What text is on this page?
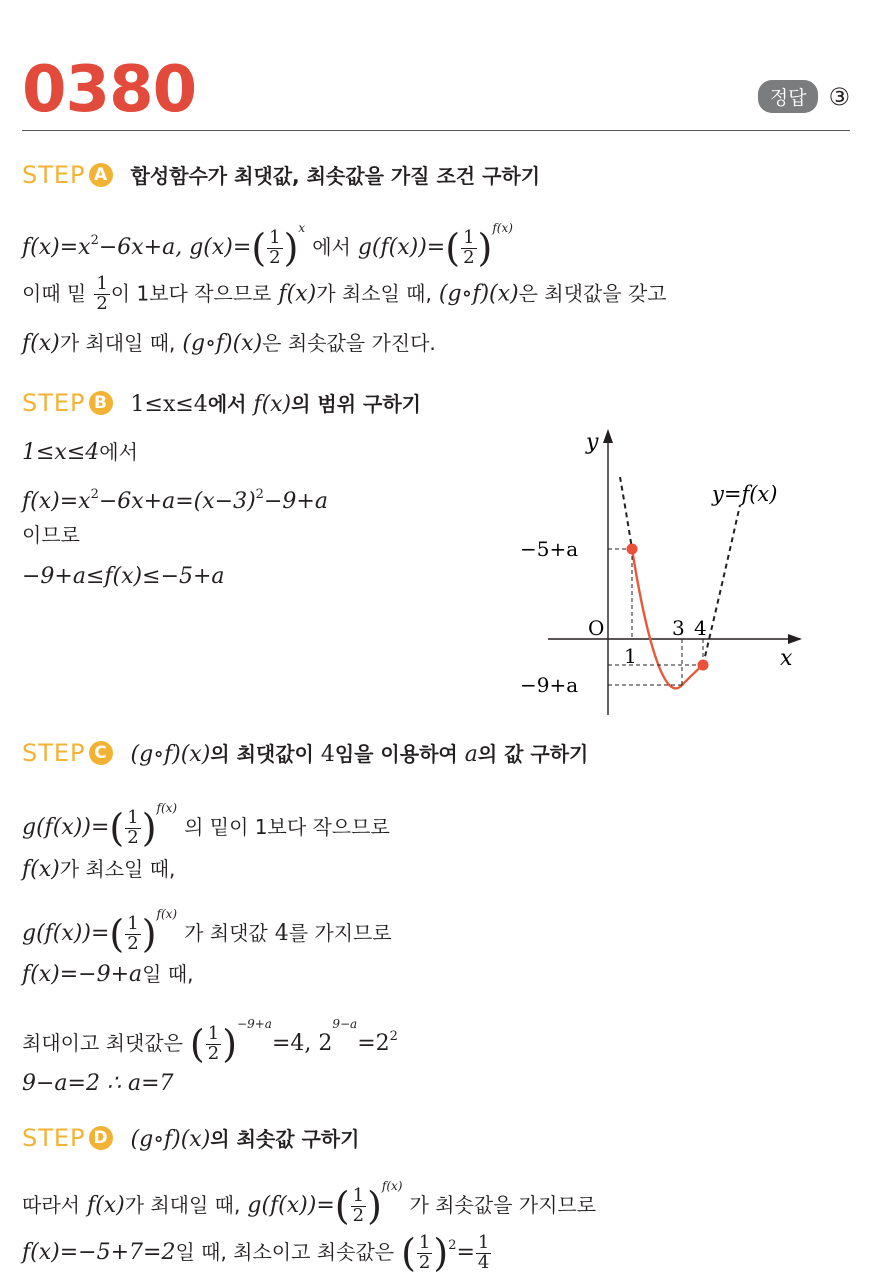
0380	정답 ③
STEP A 합성함수가 최댓값, 최솟값을 가질 조건 구하기
$f(x)=x^2-6x+a$, $g(x)=( \frac{1}{2} )^x$ 에서 $g(f(x))=( \frac{1}{2} )^{f(x)}$
이때 밑 $\frac{1}{2}$ 이 1보다 작으므로 f(x)가 최소일 때, (g∘f)(x)은 최댓값을 갖고
f(x)가 최대일 때, (g∘f)(x)은 최솟값을 가진다.
STEP B 1≤x≤4에서 f(x)의 범위 구하기
1≤x≤4에서
$f(x)=x^2-6x+a=(x-3)^2-9+a$
이므로
−9+a≤f(x)≤−5+a
y
x
O
−5+a
−9+a
1
3 4
y=f(x)
STEP C (g∘f)(x)의 최댓값이 4임을 이용하여 a의 값 구하기
$g(f(x))=( \frac{1}{2} )^{f(x)}$ 의 밑이 1보다 작으므로
f(x)가 최소일 때,
$g(f(x))=( \frac{1}{2} )^{f(x)}$ 가 최댓값 4를 가지므로
f(x)=−9+a일 때,
최대이고 최댓값은 ( $\frac{1}{2} )^{-9+a}=4$, $2^{9-a}=2^2$
9−a=2 ∴ a=7
STEP D (g∘f)(x)의 최솟값 구하기
따라서 f(x)가 최대일 때, $g(f(x))=( \frac{1}{2} )^{f(x)}$ 가 최솟값을 가지므로
f(x)=−5+7=2일 때, 최소이고 최솟값은 ( $\frac{1}{2} )^2= \frac{1}{4}$
